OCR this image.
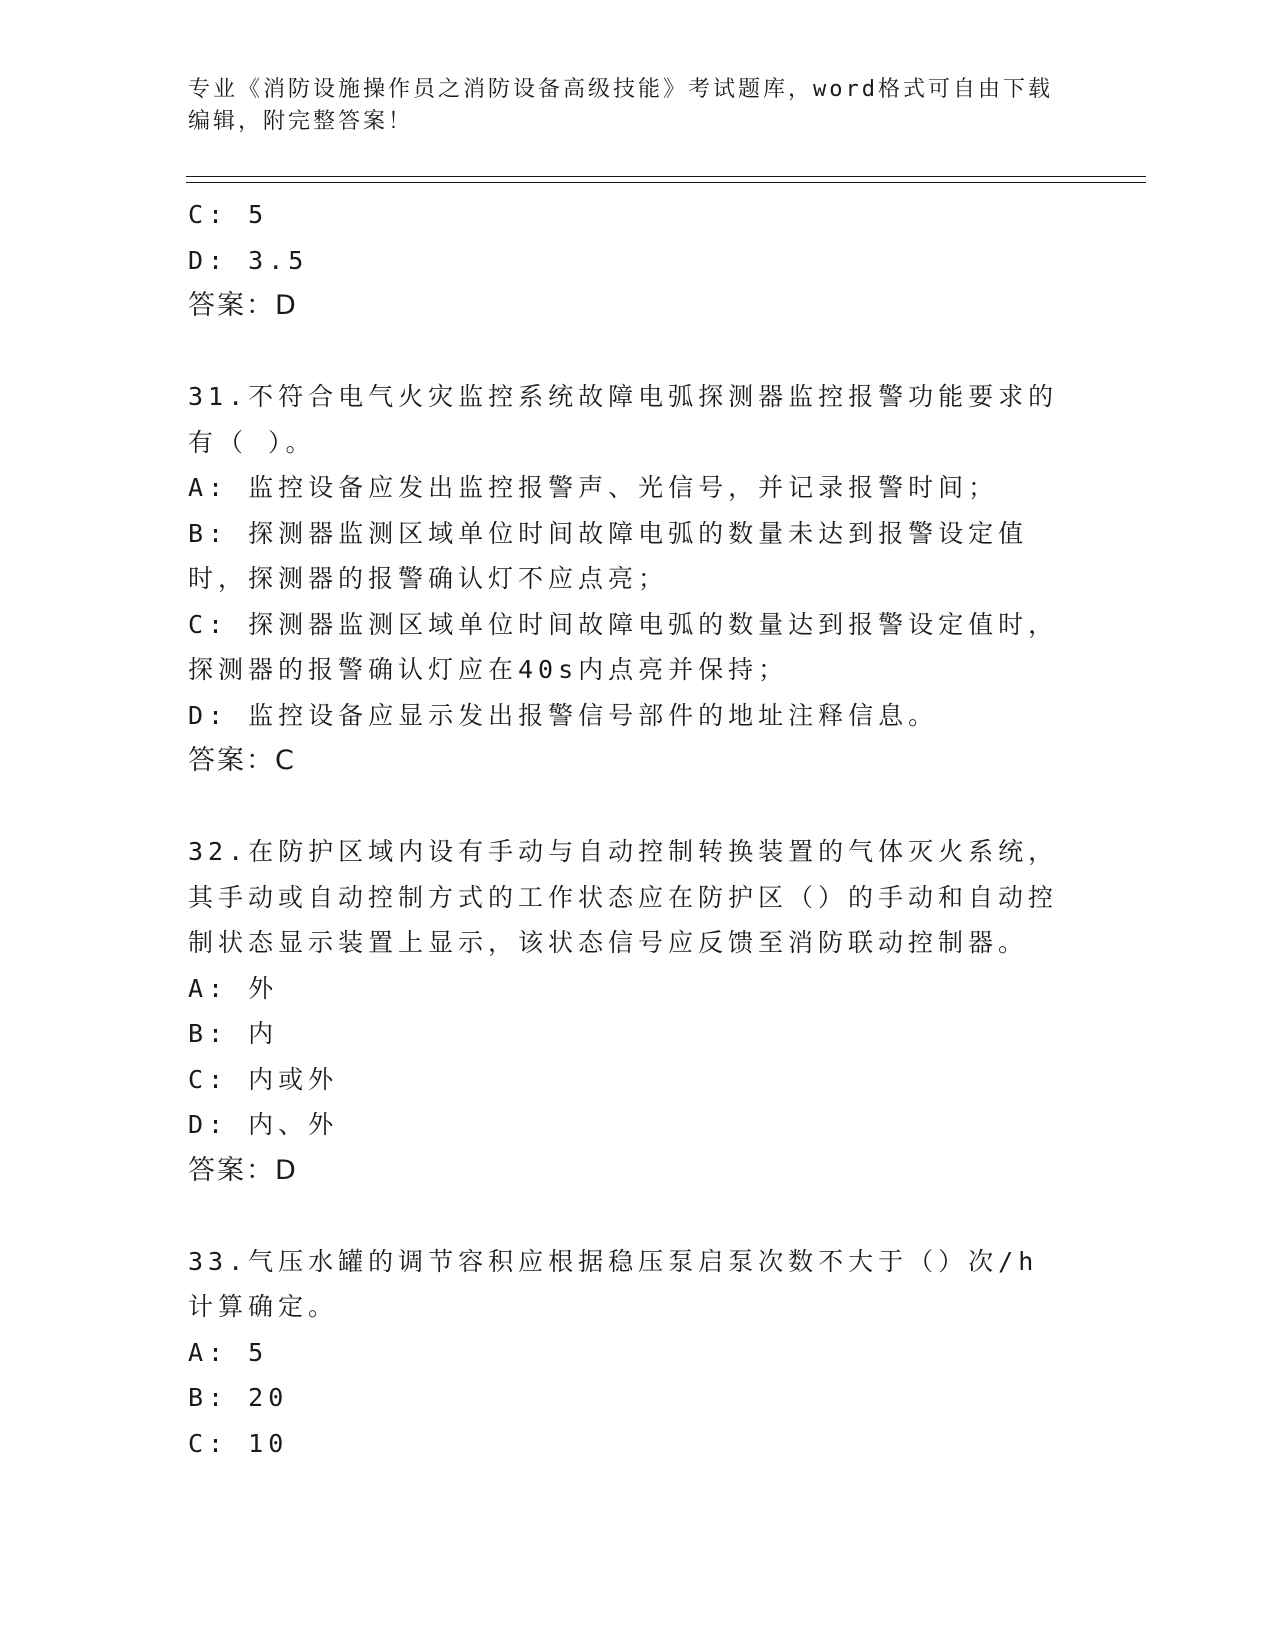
专业《消防设施操作员之消防设备高级技能》考试题库，word格式可自由下载编辑，附完整答案！

C: 5

D: 3.5

答案：D

31.不符合电气火灾监控系统故障电弧探测器监控报警功能要求的有（ ）。

A: 监控设备应发出监控报警声、光信号，并记录报警时间；

B: 探测器监测区域单位时间故障电弧的数量未达到报警设定值时，探测器的报警确认灯不应点亮；

C: 探测器监测区域单位时间故障电弧的数量达到报警设定值时，探测器的报警确认灯应在40s内点亮并保持；

D: 监控设备应显示发出报警信号部件的地址注释信息。

答案：C

32.在防护区域内设有手动与自动控制转换装置的气体灭火系统，其手动或自动控制方式的工作状态应在防护区（）的手动和自动控制状态显示装置上显示，该状态信号应反馈至消防联动控制器。

A: 外

B: 内

C: 内或外

D: 内、外

答案：D

33.气压水罐的调节容积应根据稳压泵启泵次数不大于（）次/h计算确定。

A: 5

B: 20

C: 10
